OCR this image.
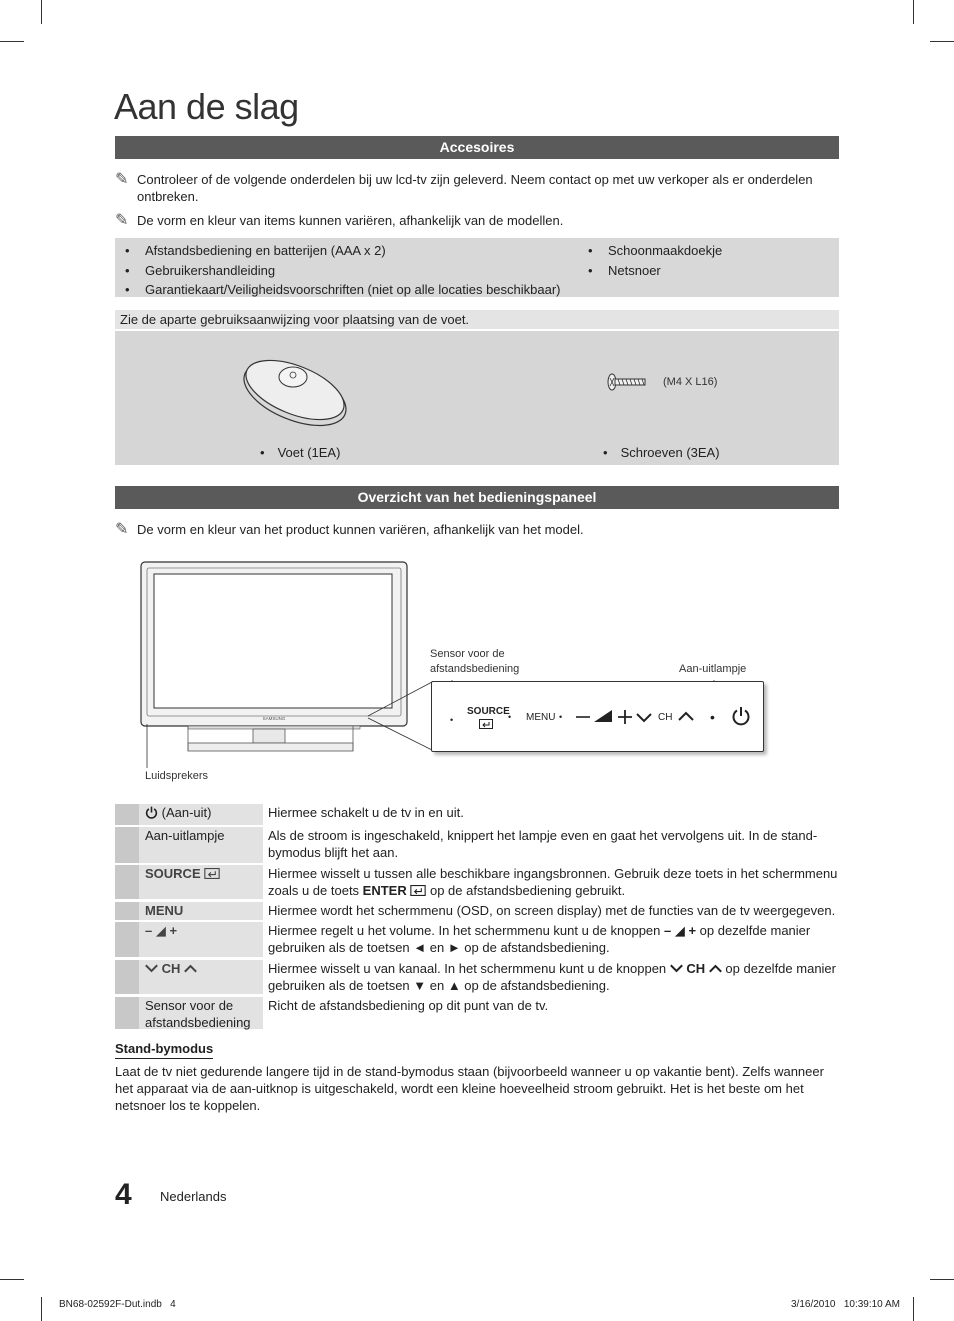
Aan de slag
Accesoires
✎ Controleer of de volgende onderdelen bij uw lcd-tv zijn geleverd. Neem contact op met uw verkoper als er onderdelen ontbreken.
✎ De vorm en kleur van items kunnen variëren, afhankelijk van de modellen.
• Afstandsbediening en batterijen (AAA x 2)
• Gebruikershandleiding
• Garantiekaart/Veiligheidsvoorschriften (niet op alle locaties beschikbaar)
• Schoonmaakdoekje
• Netsnoer
Zie de aparte gebruiksaanwijzing voor plaatsing van de voet.
(M4 X L16)
• Voet (1EA)
•	Schroeven (3EA)
Overzicht van het bedieningspaneel
✎ De vorm en kleur van het product kunnen variëren, afhankelijk van het model.
SAMSUNG	•
SOURCE
• MENU •	CH	•
Sensor voor de
afstandsbediening	Aan-uitlampje
Luidsprekers
(Aan-uit)	Hiermee schakelt u de tv in en uit.
Aan-uitlampje	Als de stroom is ingeschakeld, knippert het lampje even en gaat het vervolgens uit. In de stand-bymodus blijft het aan.
SOURCE	Hiermee wisselt u tussen alle beschikbare ingangsbronnen. Gebruik deze toets in het schermmenu zoals u de toets ENTER  op de afstandsbediening gebruikt.
MENU	Hiermee wordt het schermmenu (OSD, on screen display) met de functies van de tv weergegeven.
– ◢ +	Hiermee regelt u het volume. In het schermmenu kunt u de knoppen – ◢ + op dezelfde manier gebruiken als de toetsen ◄ en ► op de afstandsbediening.
CH	Hiermee wisselt u van kanaal. In het schermmenu kunt u de knoppen  CH  op dezelfde manier gebruiken als de toetsen ▼ en ▲ op de afstandsbediening.
Sensor voor de afstandsbediening
Richt de afstandsbediening op dit punt van de tv.
Stand-bymodus
Laat de tv niet gedurende langere tijd in de stand-bymodus staan (bijvoorbeeld wanneer u op vakantie bent). Zelfs wanneer het apparaat via de aan-uitknop is uitgeschakeld, wordt een kleine hoeveelheid stroom gebruikt. Het is het beste om het netsnoer los te koppelen.
4 Nederlands
BN68-02592F-Dut.indb   4	3/16/2010   10:39:10 AM
